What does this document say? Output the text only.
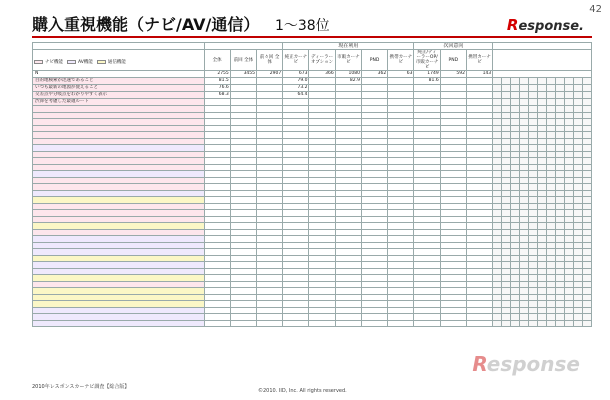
42
購入重視機能（ナビ/AV/通信） 1〜38位	Response.
				現在利用					次回意向													
	全体	前回 全体	前々回 全体	純正カーナビ	ディーラーオプション	市販カーナビ	PND	携帯カーナビ	純正/ディーラーOP/市販カーナビ	PND	携帯カーナビ											
N	2755	3455	2907	673	366	1080	362	63	1749	592	143											
目的地検索が迅速であること	81.5			79.0		82.9			81.6													
いつも最新の地図が使えること	76.6			73.2																		
交差点や分岐点をわかりやすく表示	68.3			64.4																		
渋滞を考慮した最適ルート																						

ナビ機能	AV機能	通信機能
Response
2010年レスポンスカーナビ調査【総合版】
©2010. IID, Inc. All rights reserved.
